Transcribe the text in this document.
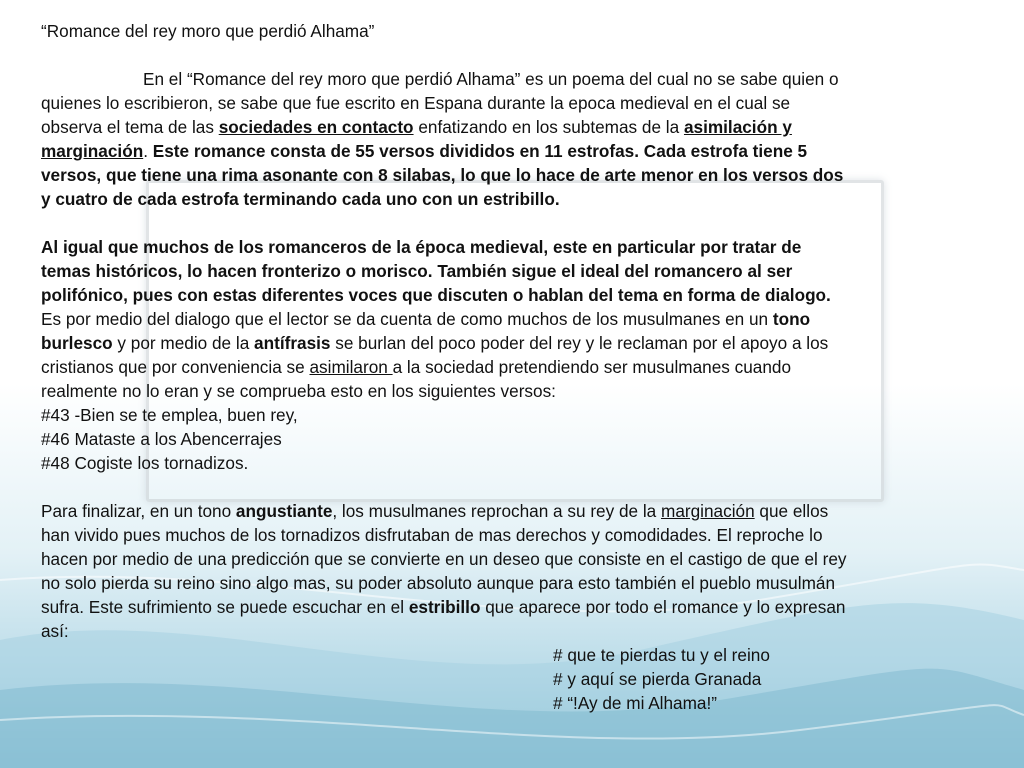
“Romance del rey moro que perdió Alhama”
En el “Romance del rey moro que perdió Alhama” es un poema del cual no se sabe quien o
quienes lo escribieron, se sabe que fue escrito en Espana durante la epoca medieval en el cual se
observa el tema de las sociedades en contacto enfatizando en los subtemas de la asimilación y
marginación. Este romance consta de 55 versos divididos en 11 estrofas. Cada estrofa tiene 5
versos, que tiene una rima asonante con 8 silabas, lo que lo hace de arte menor en los versos dos
y cuatro de cada estrofa terminando cada uno con un estribillo.
Al igual que muchos de los romanceros de la época medieval, este en particular por tratar de
temas históricos, lo hacen fronterizo o morisco. También sigue el ideal del romancero al ser
polifónico, pues con estas diferentes voces que discuten o hablan del tema en forma de dialogo.
Es por medio del dialogo que el lector se da cuenta de como muchos de los musulmanes en un tono
burlesco y por medio de la antífrasis se burlan del poco poder del rey y le reclaman por el apoyo a los
cristianos que por conveniencia se asimilaron a la sociedad pretendiendo ser musulmanes cuando
realmente no lo eran y se comprueba esto en los siguientes versos:
#43 -Bien se te emplea, buen rey,
#46 Mataste a los Abencerrajes
#48 Cogiste los tornadizos.
Para finalizar, en un tono angustiante, los musulmanes reprochan a su rey de la marginación que ellos
han vivido pues muchos de los tornadizos disfrutaban de mas derechos y comodidades. El reproche lo
hacen por medio de una predicción que se convierte en un deseo que consiste en el castigo de que el rey
no solo pierda su reino sino algo mas, su poder absoluto aunque para esto también el pueblo musulmán
sufra. Este sufrimiento se puede escuchar en el estribillo que aparece por todo el romance y lo expresan
así:
# que te pierdas tu y el reino
# y aquí se pierda Granada
# “!Ay de mi Alhama!”
